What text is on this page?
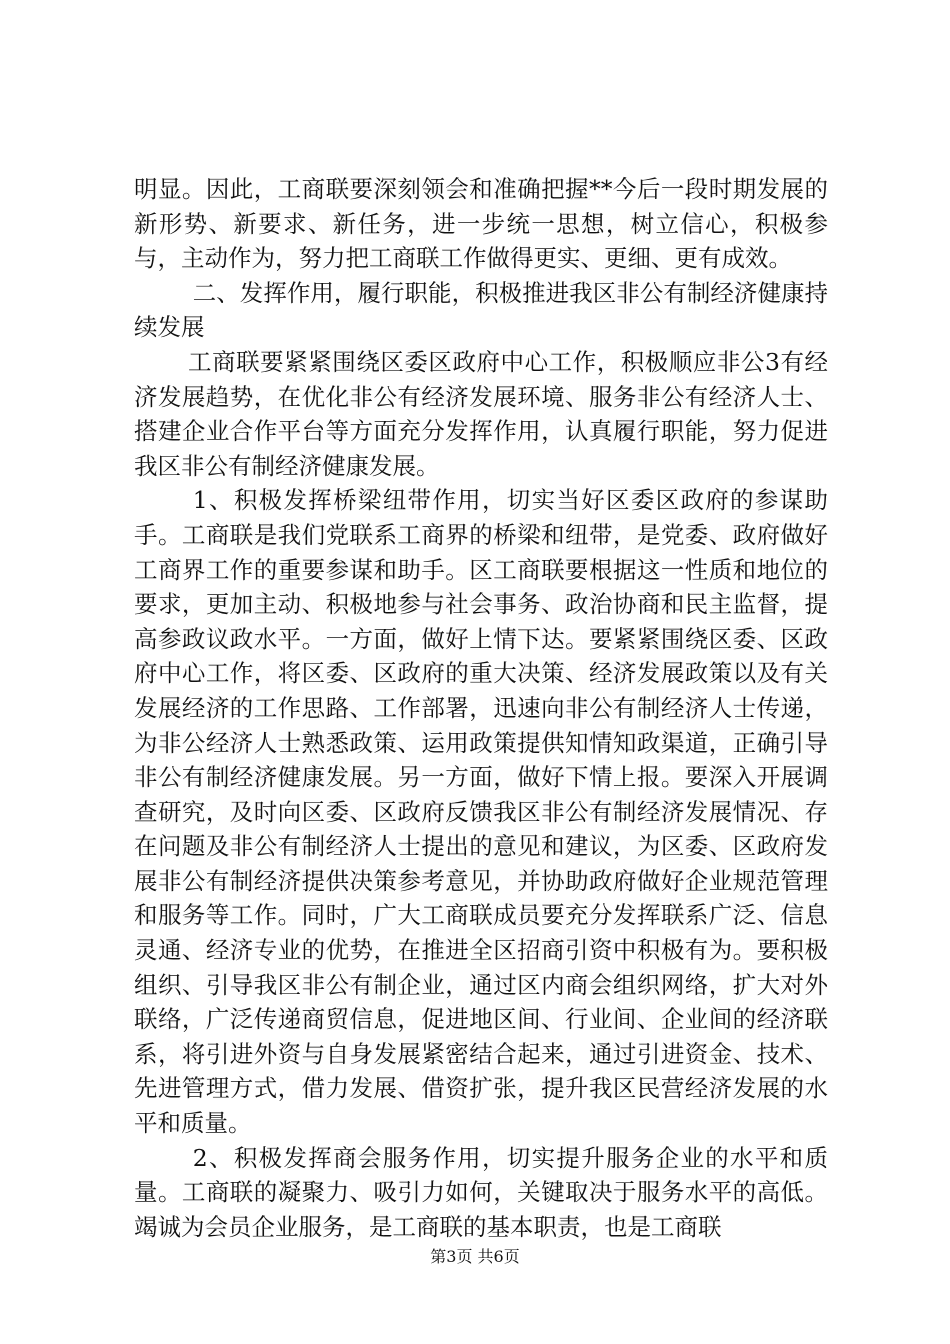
明显。因此，工商联要深刻领会和准确把握**今后一段时期发展的新形势、新要求、新任务，进一步统一思想，树立信心，积极参与，主动作为，努力把工商联工作做得更实、更细、更有成效。

二、发挥作用，履行职能，积极推进我区非公有制经济健康持续发展

工商联要紧紧围绕区委区政府中心工作，积极顺应非公3有经济发展趋势，在优化非公有经济发展环境、服务非公有经济人士、搭建企业合作平台等方面充分发挥作用，认真履行职能，努力促进我区非公有制经济健康发展。

1、积极发挥桥梁纽带作用，切实当好区委区政府的参谋助手。工商联是我们党联系工商界的桥梁和纽带，是党委、政府做好工商界工作的重要参谋和助手。区工商联要根据这一性质和地位的要求，更加主动、积极地参与社会事务、政治协商和民主监督，提高参政议政水平。一方面，做好上情下达。要紧紧围绕区委、区政府中心工作，将区委、区政府的重大决策、经济发展政策以及有关发展经济的工作思路、工作部署，迅速向非公有制经济人士传递，为非公经济人士熟悉政策、运用政策提供知情知政渠道，正确引导非公有制经济健康发展。另一方面，做好下情上报。要深入开展调查研究，及时向区委、区政府反馈我区非公有制经济发展情况、存在问题及非公有制经济人士提出的意见和建议，为区委、区政府发展非公有制经济提供决策参考意见，并协助政府做好企业规范管理和服务等工作。同时，广大工商联成员要充分发挥联系广泛、信息灵通、经济专业的优势，在推进全区招商引资中积极有为。要积极组织、引导我区非公有制企业，通过区内商会组织网络，扩大对外联络，广泛传递商贸信息，促进地区间、行业间、企业间的经济联系，将引进外资与自身发展紧密结合起来，通过引进资金、技术、先进管理方式，借力发展、借资扩张，提升我区民营经济发展的水平和质量。

2、积极发挥商会服务作用，切实提升服务企业的水平和质量。工商联的凝聚力、吸引力如何，关键取决于服务水平的高低。竭诚为会员企业服务，是工商联的基本职责，也是工商联

第3页 共6页
